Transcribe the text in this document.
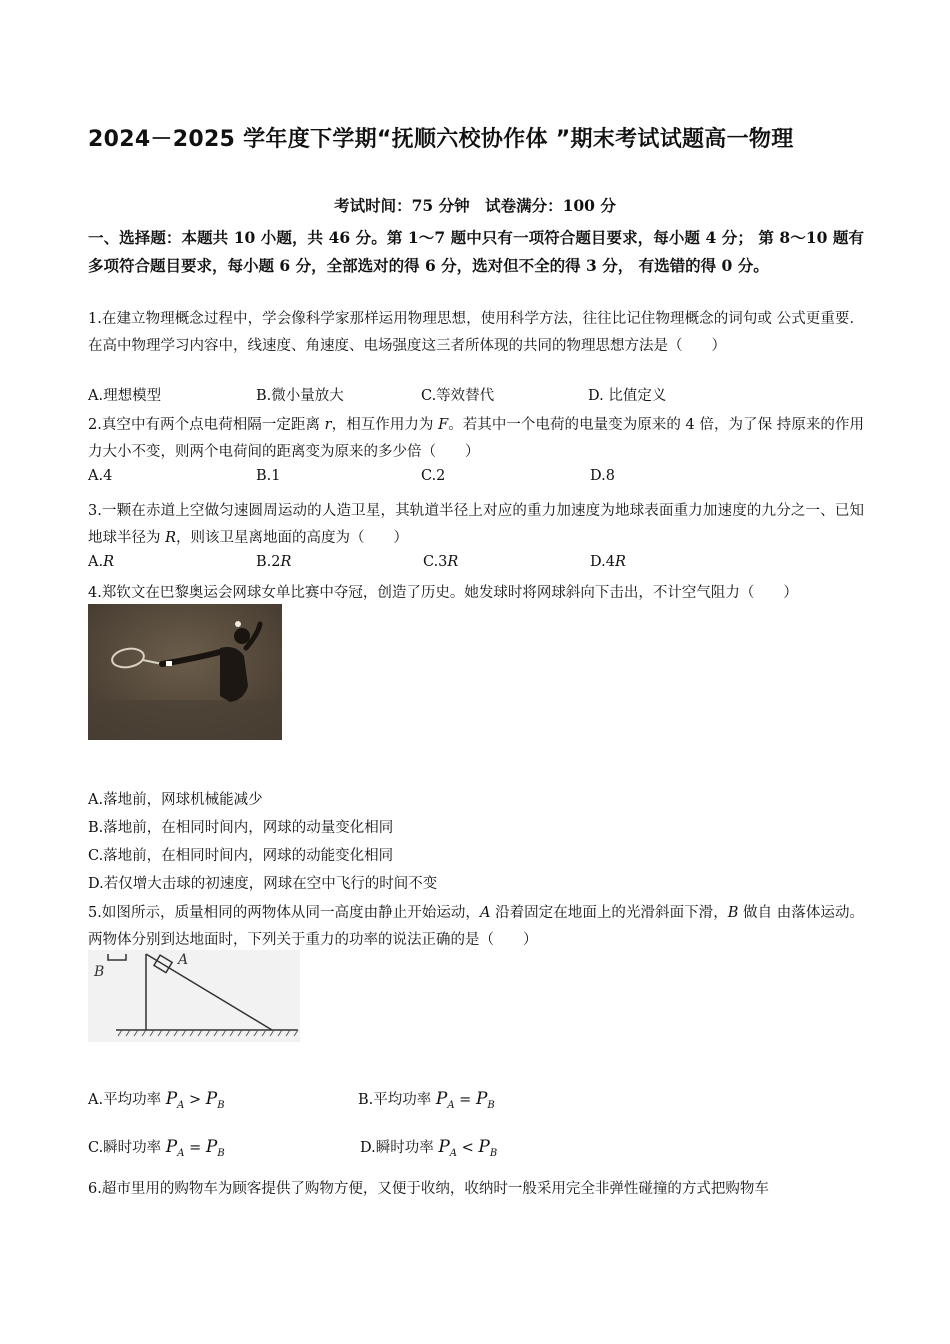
2024－2025 学年度下学期“抚顺六校协作体 ”期末考试试题高一物理
考试时间：75 分钟　试卷满分：100 分
一、选择题：本题共 10 小题，共 46 分。第 1～7 题中只有一项符合题目要求，每小题 4 分； 第 8～10 题有多项符合题目要求，每小题 6 分，全部选对的得 6 分，选对但不全的得 3 分， 有选错的得 0 分。
1.在建立物理概念过程中，学会像科学家那样运用物理思想，使用科学方法，往往比记住物理概念的词句或 公式更重要．在高中物理学习内容中，线速度、角速度、电场强度这三者所体现的共同的物理思想方法是（　　）
A.理想模型	B.微小量放大	C.等效替代	D. 比值定义
2.真空中有两个点电荷相隔一定距离 r，相互作用力为 F。若其中一个电荷的电量变为原来的 4 倍，为了保 持原来的作用力大小不变，则两个电荷间的距离变为原来的多少倍（　　）
A.4	B.1	C.2	D.8
3.一颗在赤道上空做匀速圆周运动的人造卫星，其轨道半径上对应的重力加速度为地球表面重力加速度的九分之一、已知地球半径为 R，则该卫星离地面的高度为（　　）
A.R	B.2R	C.3R	D.4R
4.郑钦文在巴黎奥运会网球女单比赛中夺冠，创造了历史。她发球时将网球斜向下击出，不计空气阻力（　　）
A.落地前，网球机械能减少
B.落地前，在相同时间内，网球的动量变化相同
C.落地前，在相同时间内，网球的动能变化相同
D.若仅增大击球的初速度，网球在空中飞行的时间不变
5.如图所示，质量相同的两物体从同一高度由静止开始运动，A 沿着固定在地面上的光滑斜面下滑，B 做自 由落体运动。两物体分别到达地面时，下列关于重力的功率的说法正确的是（　　）
B
A
A.平均功率 $P_A > P_B$	B.平均功率 $P_A = P_B$
C.瞬时功率 $P_A = P_B$	D.瞬时功率 $P_A < P_B$
6.超市里用的购物车为顾客提供了购物方便，又便于收纳，收纳时一般采用完全非弹性碰撞的方式把购物车
